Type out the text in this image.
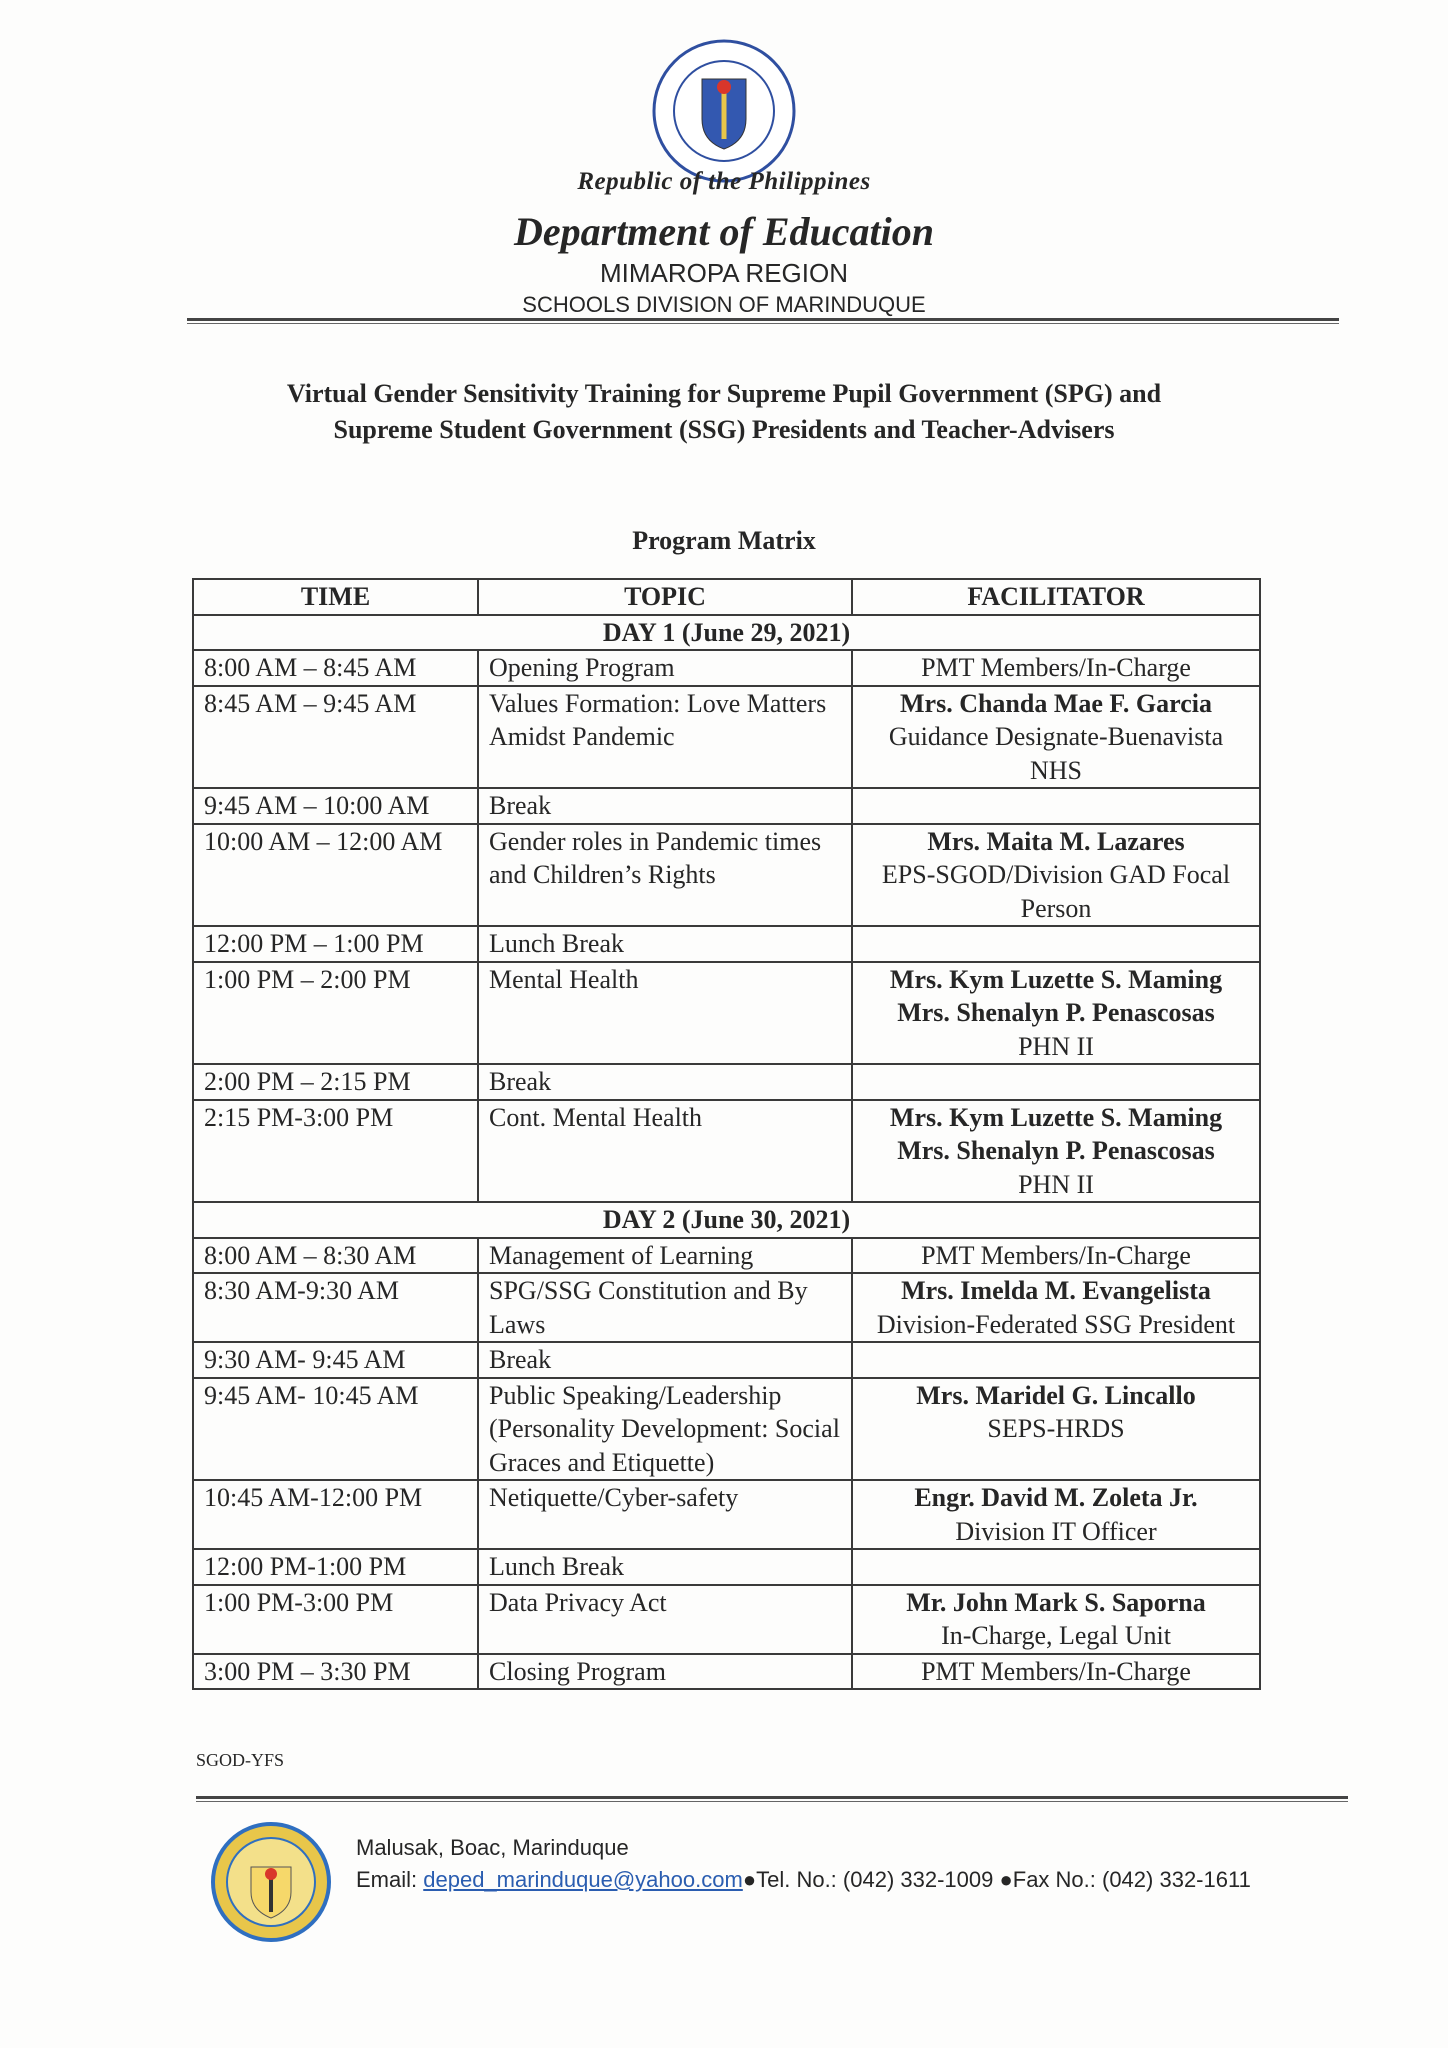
Republic of the Philippines
Department of Education
MIMAROPA REGION
SCHOOLS DIVISION OF MARINDUQUE
Virtual Gender Sensitivity Training for Supreme Pupil Government (SPG) and
Supreme Student Government (SSG) Presidents and Teacher-Advisers
Program Matrix
TIME	TOPIC	FACILITATOR
DAY 1 (June 29, 2021)		
8:00 AM – 8:45 AM	Opening Program	PMT Members/In-Charge

8:45 AM – 9:45 AM	Values Formation: Love Matters Amidst Pandemic	Mrs. Chanda Mae F. Garcia
Guidance Designate-Buenavista NHS

9:45 AM – 10:00 AM	Break	

10:00 AM – 12:00 AM	Gender roles in Pandemic times and Children’s Rights	Mrs. Maita M. Lazares
EPS-SGOD/Division GAD Focal Person

12:00 PM – 1:00 PM	Lunch Break	

1:00 PM – 2:00 PM	Mental Health	Mrs. Kym Luzette S. Maming
Mrs. Shenalyn P. Penascosas
PHN II

2:00 PM – 2:15 PM	Break	

2:15 PM-3:00 PM	Cont. Mental Health	Mrs. Kym Luzette S. Maming
Mrs. Shenalyn P. Penascosas
PHN II

DAY 2 (June 30, 2021)		
8:00 AM – 8:30 AM	Management of Learning	PMT Members/In-Charge

8:30 AM-9:30 AM	SPG/SSG Constitution and By Laws	Mrs. Imelda M. Evangelista
Division-Federated SSG President

9:30 AM- 9:45 AM	Break	

9:45 AM- 10:45 AM	Public Speaking/Leadership (Personality Development: Social Graces and Etiquette)	Mrs. Maridel G. Lincallo
SEPS-HRDS

10:45 AM-12:00 PM	Netiquette/Cyber-safety	Engr. David M. Zoleta Jr.
Division IT Officer

12:00 PM-1:00 PM	Lunch Break	

1:00 PM-3:00 PM	Data Privacy Act	Mr. John Mark S. Saporna
In-Charge, Legal Unit

3:00 PM – 3:30 PM	Closing Program	PMT Members/In-Charge
SGOD-YFS
Malusak, Boac, Marinduque
Email: deped_marinduque@yahoo.com●Tel. No.: (042) 332-1009 ●Fax No.: (042) 332-1611
